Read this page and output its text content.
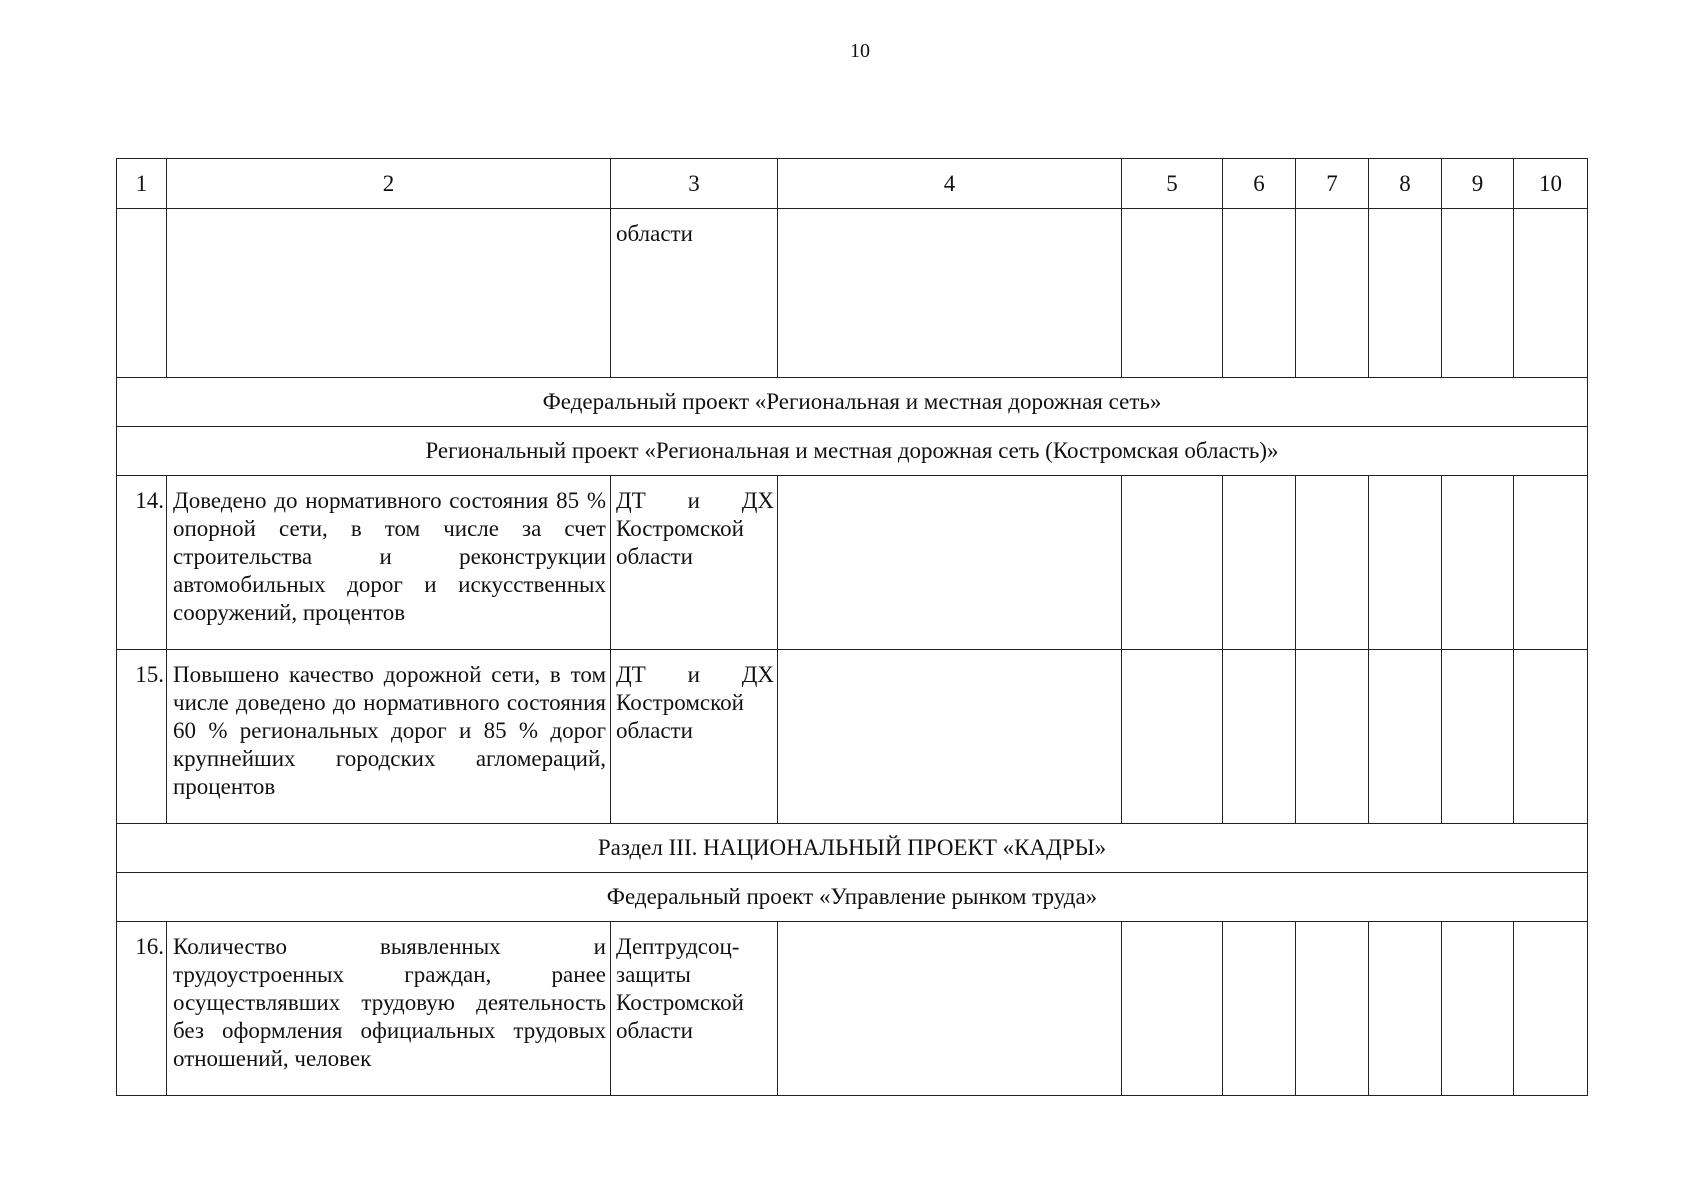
10
1	2	3	4	5	6	7	8	9	10

		области							

Федеральный проект «Региональная и местная дорожная сеть»									
Региональный проект «Региональная и местная дорожная сеть (Костромская область)»									
14.	Доведено до нормативного состояния 85 % опорной сети, в том числе за счет строительства и реконструкции автомобильных дорог и искусственных сооружений, процентов	ДТ и ДХ
Костромской
области							

15.	Повышено качество дорожной сети, в том числе доведено до нормативного состояния 60 % региональных дорог и 85 % дорог крупнейших городских агломераций, процентов	ДТ и ДХ
Костромской
области							

Раздел III. НАЦИОНАЛЬНЫЙ ПРОЕКТ «КАДРЫ»									
Федеральный проект «Управление рынком труда»									
16.	Количество выявленных и трудоустроенных граждан, ранее осуществлявших трудовую деятельность без оформления официальных трудовых отношений, человек	Дептрудсоц-
защиты
Костромской
области							
